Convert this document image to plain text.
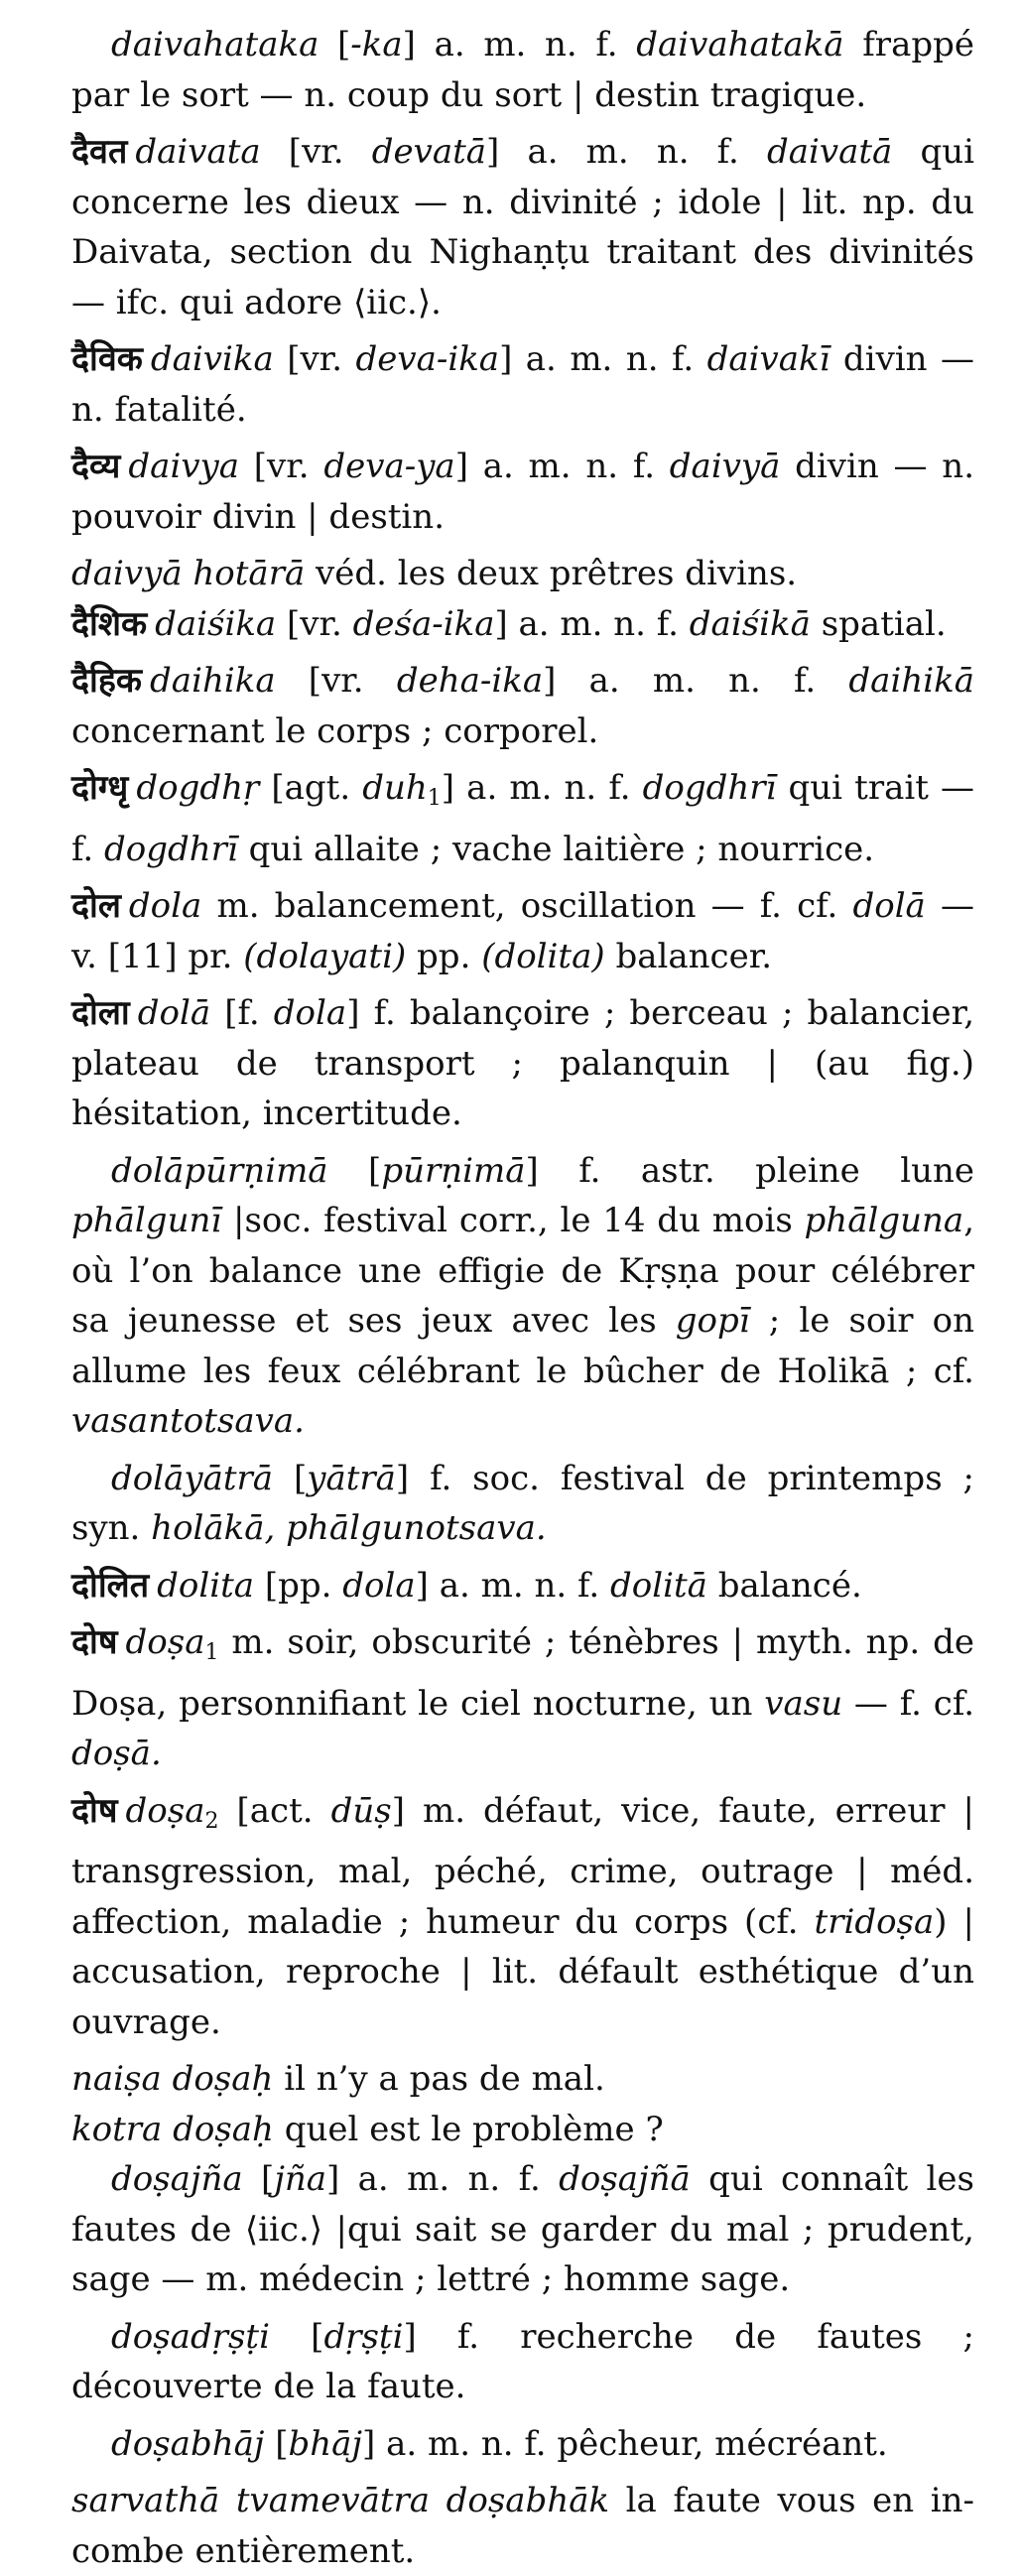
daivahataka [-ka] a. m. n. f. daivahatakā frappé par le sort — n. coup du sort | destin tragique.

दैवत daivata [vr. devatā] a. m. n. f. daivatā qui concerne les dieux — n. divinité ; idole | lit. np. du Daivata, section du Nighaṇṭu traitant des divinités — ifc. qui adore ⟨iic.⟩.

दैविक daivika [vr. deva-ika] a. m. n. f. daivakī divin — n. fatalité.

दैव्य daivya [vr. deva-ya] a. m. n. f. daivyā divin — n. pouvoir divin | destin.

daivyā hotārā véd. les deux prêtres divins.

दैशिक daiśika [vr. deśa-ika] a. m. n. f. daiśikā spatial.

दैहिक daihika [vr. deha-ika] a. m. n. f. daihikā concernant le corps ; corporel.

दोग्धृ dogdhṛ [agt. duh1] a. m. n. f. dogdhrī qui trait — f. dogdhrī qui allaite ; vache laitière ; nourrice.

दोल dola m. balancement, oscillation — f. cf. dolā — v. [11] pr. (dolayati) pp. (dolita) balancer.

दोला dolā [f. dola] f. balançoire ; berceau ; balancier, plateau de transport ; palanquin | (au fig.) hésitation, incertitude.

dolāpūrṇimā [pūrṇimā] f. astr. pleine lune phālgunī |soc. festival corr., le 14 du mois phālguna, où l’on balance une effigie de Kṛṣṇa pour célébrer sa jeunesse et ses jeux avec les gopī ; le soir on allume les feux célébrant le bûcher de Holikā ; cf. vasantotsava.

dolāyātrā [yātrā] f. soc. festival de printemps ; syn. holākā, phālgunotsava.

दोलित dolita [pp. dola] a. m. n. f. dolitā balancé.

दोष doṣa1 m. soir, obscurité ; ténèbres | myth. np. de Doṣa, personnifiant le ciel nocturne, un vasu — f. cf. doṣā.

दोष doṣa2 [act. dūṣ] m. défaut, vice, faute, erreur | transgression, mal, péché, crime, outrage | méd. affection, maladie ; humeur du corps (cf. tridoṣa) | accusation, reproche | lit. défault esthétique d’un ouvrage.

naiṣa doṣaḥ il n’y a pas de mal.

kotra doṣaḥ quel est le problème ?

doṣajña [jña] a. m. n. f. doṣajñā qui connaît les fautes de ⟨iic.⟩ |qui sait se garder du mal ; prudent, sage — m. médecin ; lettré ; homme sage.

doṣadṛṣṭi [dṛṣṭi] f. recherche de fautes ; découverte de la faute.

doṣabhāj [bhāj] a. m. n. f. pêcheur, mécréant.

sarvathā tvamevātra doṣabhāk la faute vous en incombe entièrement.
